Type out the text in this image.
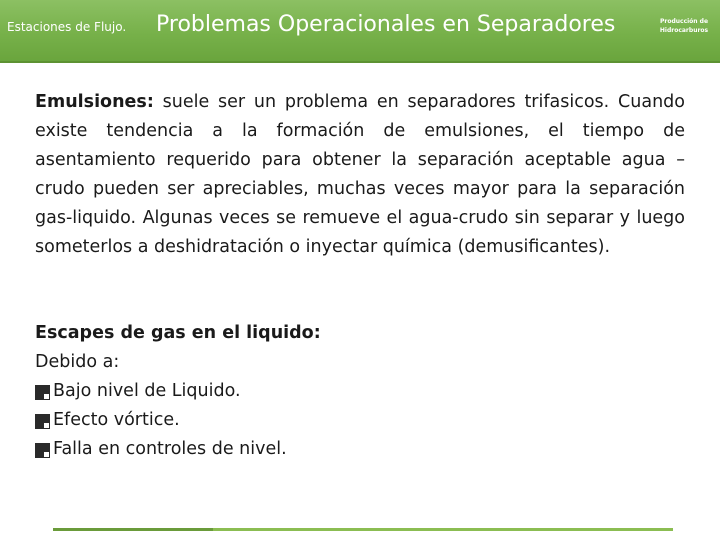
Estaciones de Flujo. Problemas Operacionales en Separadores	Producción de
Hidrocarburos
Emulsiones: suele ser un problema en separadores trifasicos. Cuando existe tendencia a la formación de emulsiones, el tiempo de asentamiento requerido para obtener la separación aceptable agua –crudo pueden ser apreciables, muchas veces mayor para la separación gas-liquido. Algunas veces se remueve el agua-crudo sin separar y luego someterlos a deshidratación o inyectar química (demusificantes).
Escapes de gas en el liquido:
Debido a:
Bajo nivel de Liquido.
Efecto vórtice.
Falla en controles de nivel.
